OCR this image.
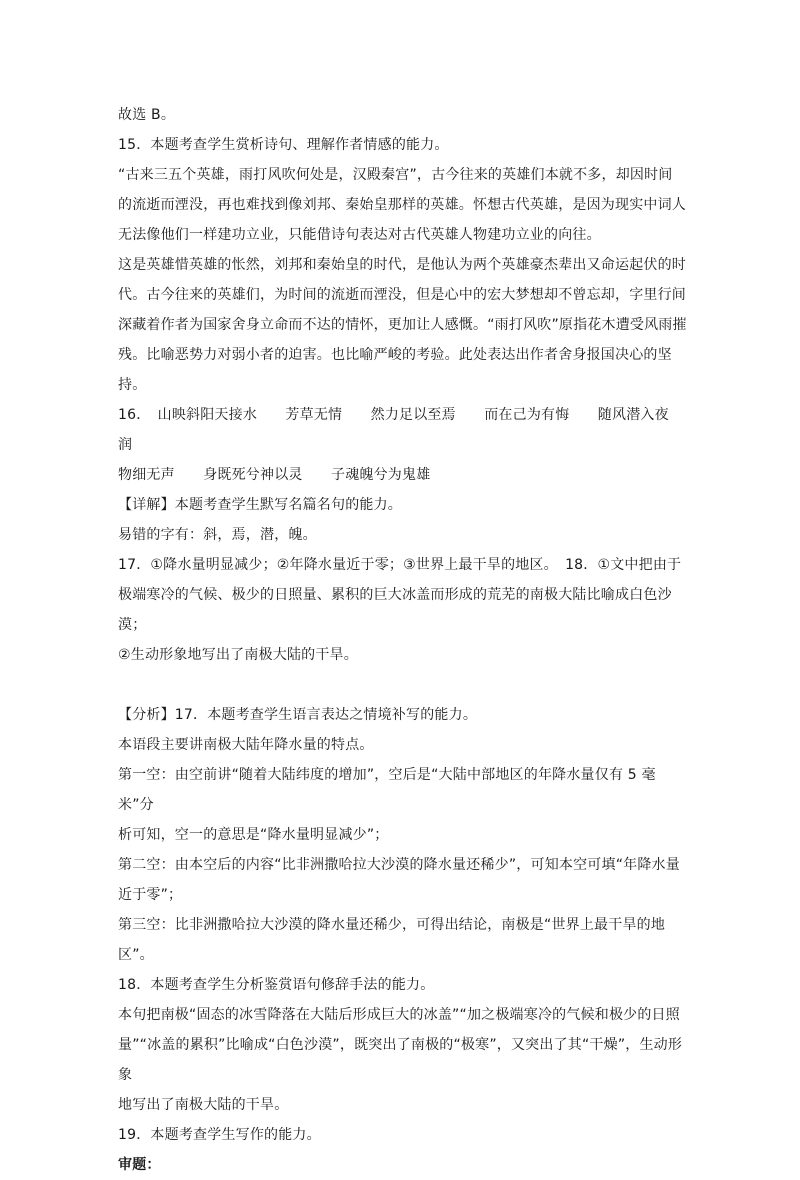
故选 B。

15．本题考查学生赏析诗句、理解作者情感的能力。

“古来三五个英雄，雨打风吹何处是，汉殿秦宫”，古今往来的英雄们本就不多，却因时间

的流逝而湮没，再也难找到像刘邦、秦始皇那样的英雄。怀想古代英雄，是因为现实中词人

无法像他们一样建功立业，只能借诗句表达对古代英雄人物建功立业的向往。

这是英雄惜英雄的怅然，刘邦和秦始皇的时代，是他认为两个英雄豪杰辈出又命运起伏的时

代。古今往来的英雄们，为时间的流逝而湮没，但是心中的宏大梦想却不曾忘却，字里行间

深藏着作者为国家舍身立命而不达的情怀，更加让人感慨。“雨打风吹”原指花木遭受风雨摧

残。比喻恶势力对弱小者的迫害。也比喻严峻的考验。此处表达出作者舍身报国决心的坚持。

16．　山映斜阳天接水　　芳草无情　　然力足以至焉　　而在己为有悔　　随风潜入夜　　润

物细无声　　身既死兮神以灵　　子魂魄兮为鬼雄

【详解】本题考查学生默写名篇名句的能力。

易错的字有：斜，焉，潜，魄。

17．①降水量明显减少；②年降水量近于零；③世界上最干旱的地区。　18．①文中把由于

极端寒冷的气候、极少的日照量、累积的巨大冰盖而形成的荒芜的南极大陆比喻成白色沙漠；

②生动形象地写出了南极大陆的干旱。

【分析】17．本题考查学生语言表达之情境补写的能力。

本语段主要讲南极大陆年降水量的特点。

第一空：由空前讲“随着大陆纬度的增加”，空后是“大陆中部地区的年降水量仅有 5 毫米”分

析可知，空一的意思是“降水量明显减少”；

第二空：由本空后的内容“比非洲撒哈拉大沙漠的降水量还稀少”，可知本空可填“年降水量

近于零”；

第三空：比非洲撒哈拉大沙漠的降水量还稀少，可得出结论，南极是“世界上最干旱的地区”。

18．本题考查学生分析鉴赏语句修辞手法的能力。

本句把南极“固态的冰雪降落在大陆后形成巨大的冰盖”“加之极端寒冷的气候和极少的日照

量”“冰盖的累积”比喻成“白色沙漠”，既突出了南极的“极寒”，又突出了其“干燥”，生动形象

地写出了南极大陆的干旱。

19．本题考查学生写作的能力。

审题：
